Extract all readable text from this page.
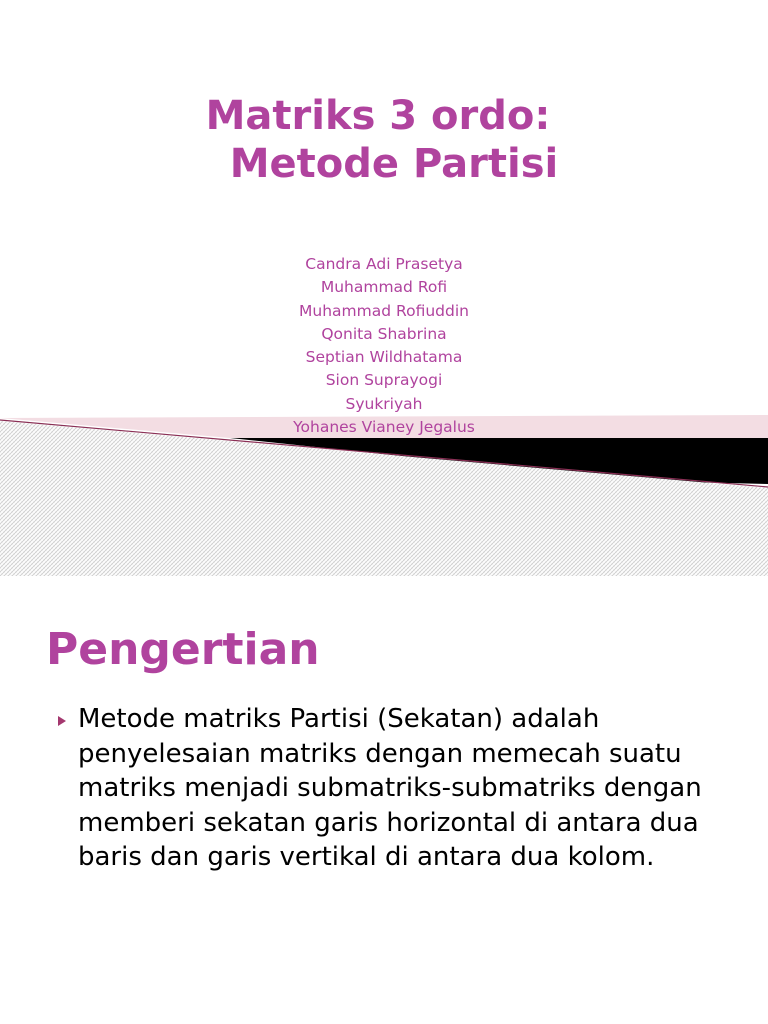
Matriks 3 ordo:
Metode Partisi
Candra Adi Prasetya
Muhammad Rofi
Muhammad Rofiuddin
Qonita Shabrina
Septian Wildhatama
Sion Suprayogi
Syukriyah
Yohanes Vianey Jegalus
Pengertian
Metode matriks Partisi (Sekatan) adalah penyelesaian matriks dengan memecah suatu matriks menjadi submatriks-submatriks dengan memberi sekatan garis horizontal di antara dua baris dan garis vertikal di antara dua kolom.
